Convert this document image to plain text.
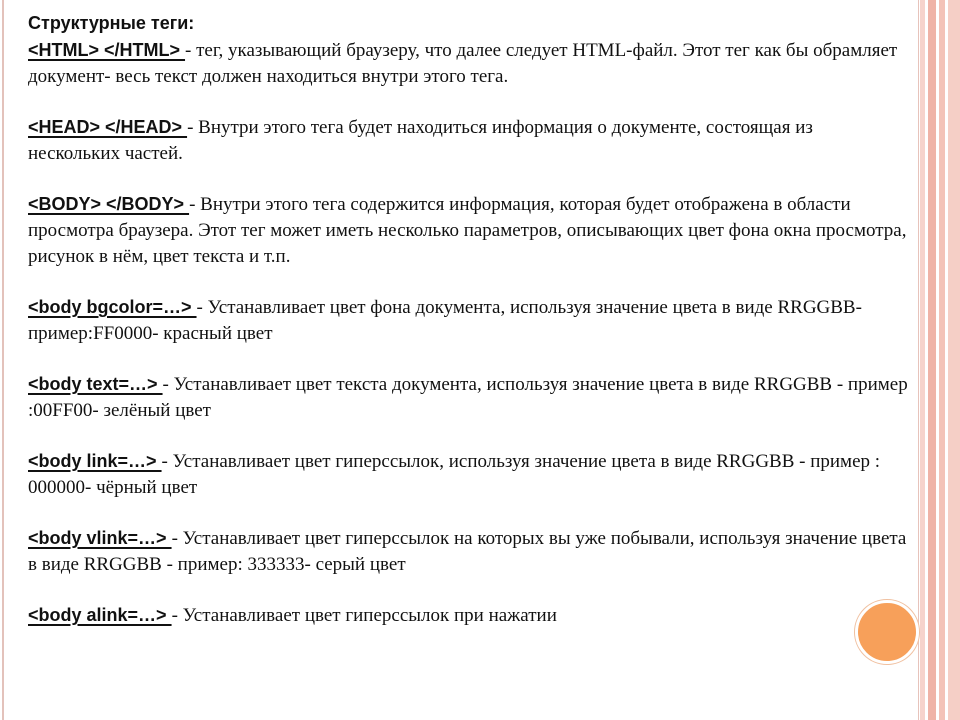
Структурные теги:

<HTML> </HTML> - тег, указывающий браузеру, что далее следует HTML-файл. Этот тег как бы обрамляет документ- весь текст должен находиться внутри этого тега.

<HEAD> </HEAD> - Внутри этого тега будет находиться информация о документе, состоящая из нескольких частей.

<BODY> </BODY> - Внутри этого тега содержится информация, которая будет отображена в области просмотра браузера. Этот тег может иметь несколько параметров, описывающих цвет фона окна просмотра, рисунок в нём, цвет текста и т.п.

<body bgcolor=…> - Устанавливает цвет фона документа, используя значение цвета в виде RRGGBB- пример:FF0000- красный цвет

<body text=…> - Устанавливает цвет текста документа, используя значение цвета в виде RRGGBB - пример :00FF00- зелёный цвет

<body link=…> - Устанавливает цвет гиперссылок, используя значение цвета в виде RRGGBB - пример : 000000- чёрный цвет

<body vlink=…> - Устанавливает цвет гиперссылок на которых вы уже побывали, используя значение цвета в виде RRGGBB - пример: 333333- серый цвет

<body alink=…> - Устанавливает цвет гиперссылок при нажатии
